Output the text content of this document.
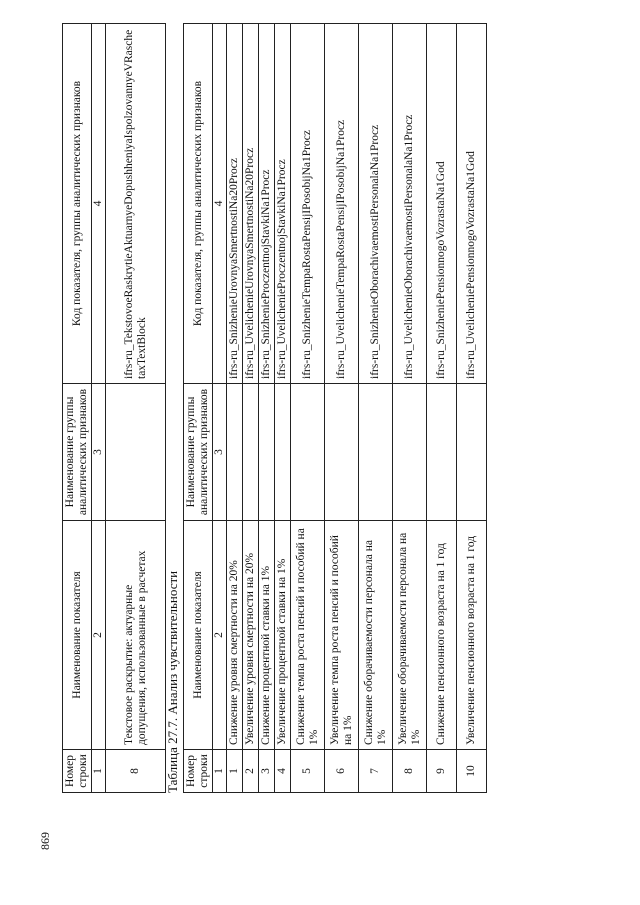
869
Номер строки	Наименование показателя	Наименование группы аналитических признаков	Код показателя, группы аналитических признаков
1	2	3	4
8	Текстовое раскрытие: актуарные допущения, использованные в расчетах		ifrs-ru_TekstovoeRaskrytieAktuarnyeDopushheniyaIspolzovannyeVRaschetaxTextBlock
Таблица 27.7. Анализ чувствительности Номер строки	Наименование показателя	Наименование группы аналитических признаков	Код показателя, группы аналитических признаков
1	2	3	4
1	Снижение уровня смертности на 20%		ifrs-ru_SnizhenieUrovnyaSmertnostiNa20Procz
2	Увеличение уровня смертности на 20%		ifrs-ru_UvelichenieUrovnyaSmertnostiNa20Procz
3	Снижение процентной ставки на 1%		ifrs-ru_SnizhenieProczentnojStavkiNa1Procz
4	Увеличение процентной ставки на 1%		ifrs-ru_UvelichenieProczentnojStavkiNa1Procz
5	Снижение темпа роста пенсий и пособий на 1%		ifrs-ru_SnizhenieTempaRostaPensijIPosobijNa1Procz
6	Увеличение темпа роста пенсий и пособий на 1%		ifrs-ru_UvelichenieTempaRostaPensijIPosobijNa1Procz
7	Снижение оборачиваемости персонала на 1%		ifrs-ru_SnizhenieOborachivaemostiPersonalaNa1Procz
8	Увеличение оборачиваемости персонала на 1%		ifrs-ru_UvelichenieOborachivaemostiPersonalaNa1Procz
9	Снижение пенсионного возраста на 1 год		ifrs-ru_SnizheniePensionnogoVozrastaNa1God
10	Увеличение пенсионного возраста на 1 год		ifrs-ru_UvelicheniePensionnogoVozrastaNa1God
